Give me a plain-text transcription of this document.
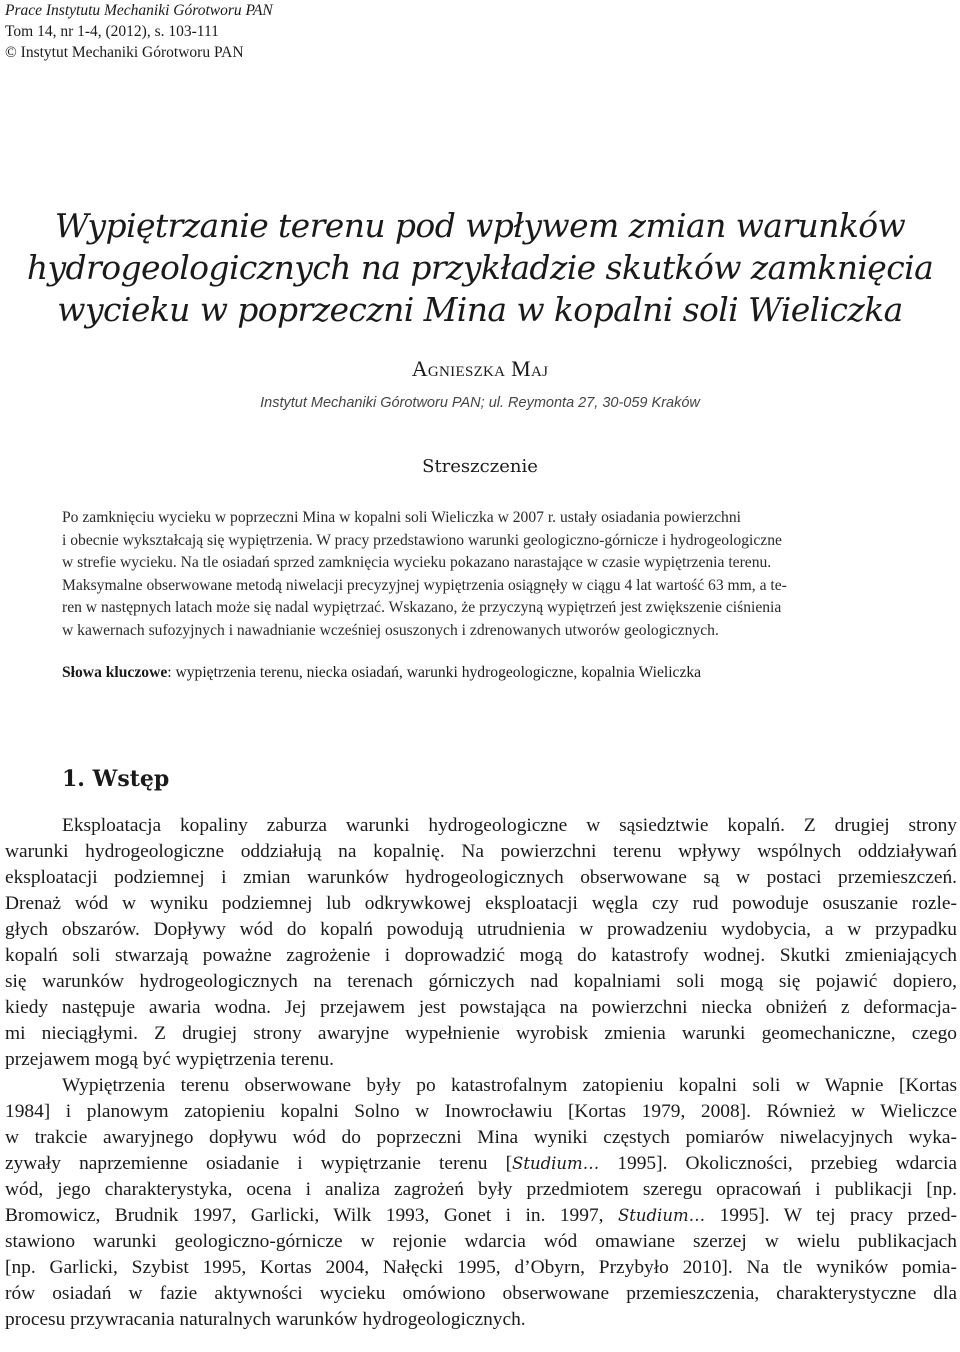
Prace Instytutu Mechaniki Górotworu PAN
Tom 14, nr 1-4, (2012), s. 103-111
© Instytut Mechaniki Górotworu PAN
Wypiętrzanie terenu pod wpływem zmian warunków
hydrogeologicznych na przykładzie skutków zamknięcia
wycieku w poprzeczni Mina w kopalni soli Wieliczka
Agnieszka Maj
Instytut Mechaniki Górotworu PAN; ul. Reymonta 27, 30-059 Kraków
Streszczenie
Po zamknięciu wycieku w poprzeczni Mina w kopalni soli Wieliczka w 2007 r. ustały osiadania powierzchni
i obecnie wykształcają się wypiętrzenia. W pracy przedstawiono warunki geologiczno-górnicze i hydrogeologiczne
w strefie wycieku. Na tle osiadań sprzed zamknięcia wycieku pokazano narastające w czasie wypiętrzenia terenu.
Maksymalne obserwowane metodą niwelacji precyzyjnej wypiętrzenia osiągnęły w ciągu 4 lat wartość 63 mm, a te-
ren w następnych latach może się nadal wypiętrzać. Wskazano, że przyczyną wypiętrzeń jest zwiększenie ciśnienia
w kawernach sufozyjnych i nawadnianie wcześniej osuszonych i zdrenowanych utworów geologicznych.
Słowa kluczowe: wypiętrzenia terenu, niecka osiadań, warunki hydrogeologiczne, kopalnia Wieliczka
1. Wstęp
Eksploatacja kopaliny zaburza warunki hydrogeologiczne w sąsiedztwie kopalń. Z drugiej strony
warunki hydrogeologiczne oddziałują na kopalnię. Na powierzchni terenu wpływy wspólnych oddziaływań
eksploatacji podziemnej i zmian warunków hydrogeologicznych obserwowane są w postaci przemieszczeń.
Drenaż wód w wyniku podziemnej lub odkrywkowej eksploatacji węgla czy rud powoduje osuszanie rozle-
głych obszarów. Dopływy wód do kopalń powodują utrudnienia w prowadzeniu wydobycia, a w przypadku
kopalń soli stwarzają poważne zagrożenie i doprowadzić mogą do katastrofy wodnej. Skutki zmieniających
się warunków hydrogeologicznych na terenach górniczych nad kopalniami soli mogą się pojawić dopiero,
kiedy następuje awaria wodna. Jej przejawem jest powstająca na powierzchni niecka obniżeń z deformacja-
mi nieciągłymi. Z drugiej strony awaryjne wypełnienie wyrobisk zmienia warunki geomechaniczne, czego
przejawem mogą być wypiętrzenia terenu.
Wypiętrzenia terenu obserwowane były po katastrofalnym zatopieniu kopalni soli w Wapnie [Kortas
1984] i planowym zatopieniu kopalni Solno w Inowrocławiu [Kortas 1979, 2008]. Również w Wieliczce
w trakcie awaryjnego dopływu wód do poprzeczni Mina wyniki częstych pomiarów niwelacyjnych wyka-
zywały naprzemienne osiadanie i wypiętrzanie terenu [Studium… 1995]. Okoliczności, przebieg wdarcia
wód, jego charakterystyka, ocena i analiza zagrożeń były przedmiotem szeregu opracowań i publikacji [np.
Bromowicz, Brudnik 1997, Garlicki, Wilk 1993, Gonet i in. 1997, Studium… 1995]. W tej pracy przed-
stawiono warunki geologiczno-górnicze w rejonie wdarcia wód omawiane szerzej w wielu publikacjach
[np. Garlicki, Szybist 1995, Kortas 2004, Nałęcki 1995, d’Obyrn, Przybyło 2010]. Na tle wyników pomia-
rów osiadań w fazie aktywności wycieku omówiono obserwowane przemieszczenia, charakterystyczne dla
procesu przywracania naturalnych warunków hydrogeologicznych.
